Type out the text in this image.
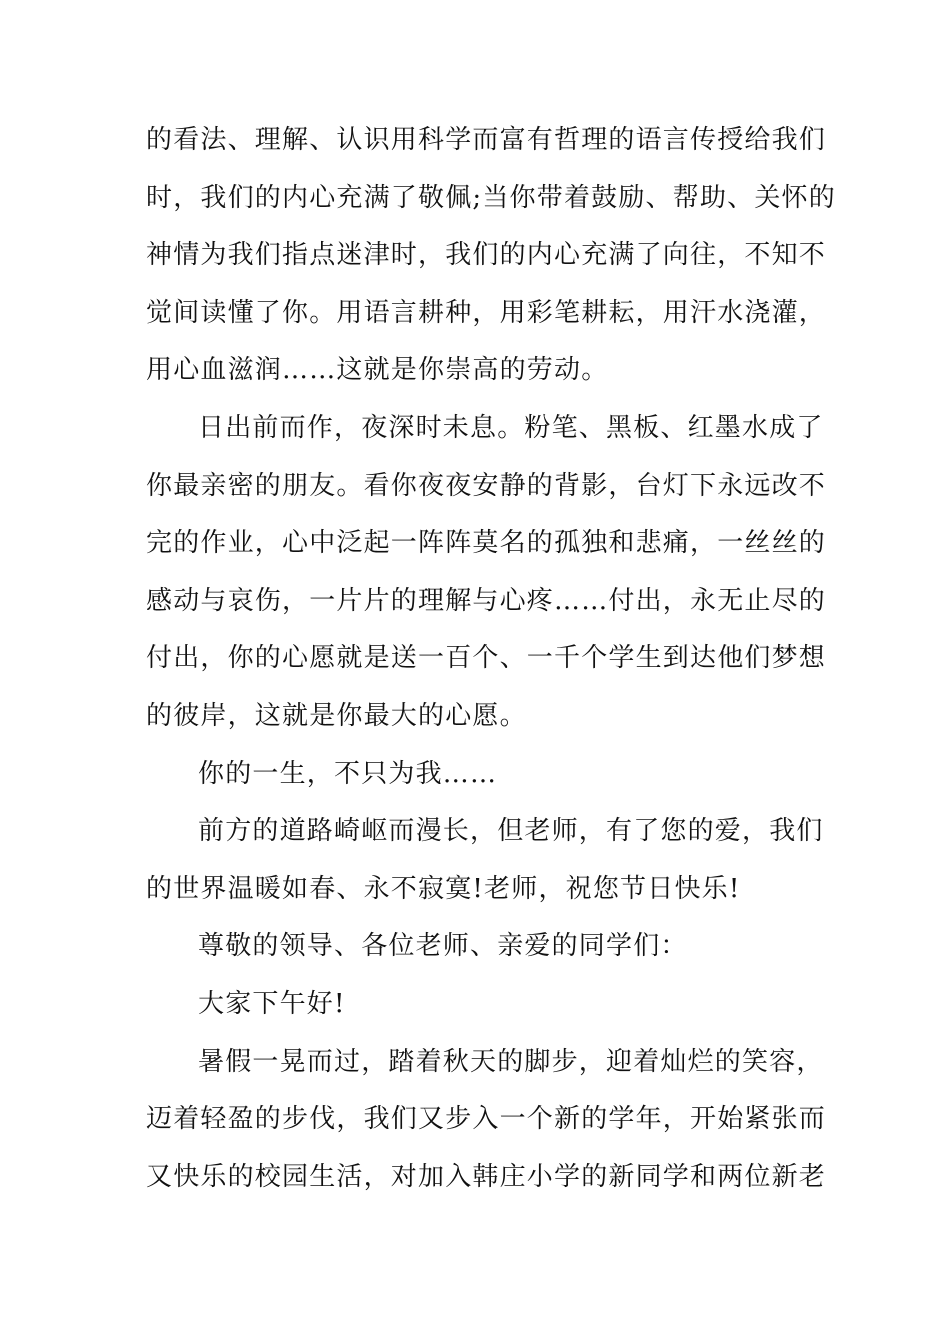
的看法、理解、认识用科学而富有哲理的语言传授给我们
时，我们的内心充满了敬佩;当你带着鼓励、帮助、关怀的
神情为我们指点迷津时，我们的内心充满了向往，不知不
觉间读懂了你。用语言耕种，用彩笔耕耘，用汗水浇灌，
用心血滋润……这就是你崇高的劳动。

日出前而作，夜深时未息。粉笔、黑板、红墨水成了
你最亲密的朋友。看你夜夜安静的背影，台灯下永远改不
完的作业，心中泛起一阵阵莫名的孤独和悲痛，一丝丝的
感动与哀伤，一片片的理解与心疼……付出，永无止尽的
付出，你的心愿就是送一百个、一千个学生到达他们梦想
的彼岸，这就是你最大的心愿。

你的一生，不只为我……

前方的道路崎岖而漫长，但老师，有了您的爱，我们
的世界温暖如春、永不寂寞!老师，祝您节日快乐!

尊敬的领导、各位老师、亲爱的同学们：

大家下午好!

暑假一晃而过，踏着秋天的脚步，迎着灿烂的笑容，
迈着轻盈的步伐，我们又步入一个新的学年，开始紧张而
又快乐的校园生活，对加入韩庄小学的新同学和两位新老
